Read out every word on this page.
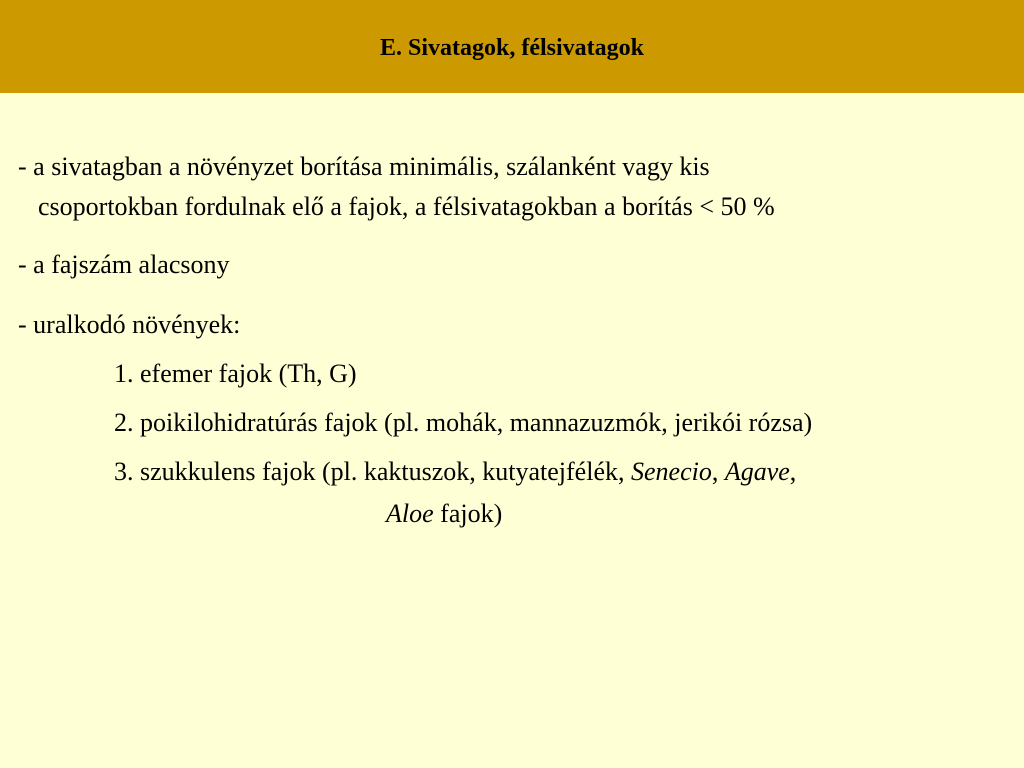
E. Sivatagok, félsivatagok
- a sivatagban a növényzet borítása minimális, szálanként vagy kis
csoportokban fordulnak elő a fajok, a félsivatagokban a borítás < 50 %
- a fajszám alacsony
- uralkodó növények:
1. efemer fajok (Th, G)
2. poikilohidratúrás fajok (pl. mohák, mannazuzmók, jerikói rózsa)
3. szukkulens fajok (pl. kaktuszok, kutyatejfélék, Senecio, Agave,
Aloe fajok)
